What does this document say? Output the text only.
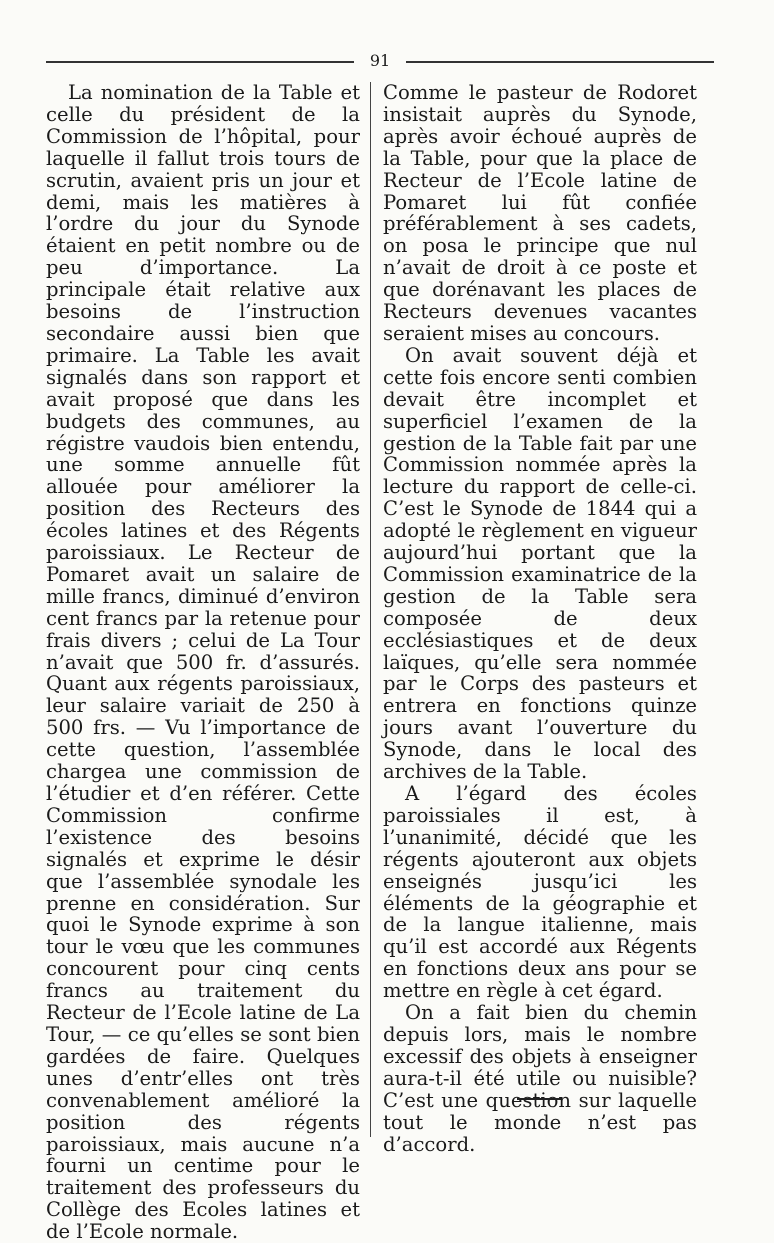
91

La nomination de la Table et celle du président de la Commission de l’hôpital, pour laquelle il fallut trois tours de scrutin, avaient pris un jour et demi, mais les matières à l’ordre du jour du Synode étaient en petit nombre ou de peu d’importance. La principale était relative aux besoins de l’instruction secondaire aussi bien que primaire. La Table les avait signalés dans son rapport et avait proposé que dans les budgets des communes, au régistre vaudois bien entendu, une somme annuelle fût allouée pour améliorer la position des Recteurs des écoles latines et des Régents paroissiaux. Le Recteur de Pomaret avait un salaire de mille francs, diminué d’environ cent francs par la retenue pour frais divers ; celui de La Tour n’avait que 500 fr. d’assurés. Quant aux régents paroissiaux, leur salaire variait de 250 à 500 frs. — Vu l’importance de cette question, l’assemblée chargea une commission de l’étudier et d’en référer. Cette Commission confirme l’existence des besoins signalés et exprime le désir que l’assemblée synodale les prenne en considération. Sur quoi le Synode exprime à son tour le vœu que les communes concourent pour cinq cents francs au traitement du Recteur de l’Ecole latine de La Tour, — ce qu’elles se sont bien gardées de faire. Quelques unes d’entr’elles ont très convenablement amélioré la position des régents paroissiaux, mais aucune n’a fourni un centime pour le traitement des professeurs du Collège des Ecoles latines et de l’Ecole normale.

Comme le pasteur de Rodoret insistait auprès du Synode, après avoir échoué auprès de la Table, pour que la place de Recteur de l’Ecole latine de Pomaret lui fût confiée préférablement à ses cadets, on posa le principe que nul n’avait de droit à ce poste et que dorénavant les places de Recteurs devenues vacantes seraient mises au concours.

On avait souvent déjà et cette fois encore senti combien devait être incomplet et superficiel l’examen de la gestion de la Table fait par une Commission nommée après la lecture du rapport de celle-ci. C’est le Synode de 1844 qui a adopté le règlement en vigueur aujourd’hui portant que la Commission examinatrice de la gestion de la Table sera composée de deux ecclésiastiques et de deux laïques, qu’elle sera nommée par le Corps des pasteurs et entrera en fonctions quinze jours avant l’ouverture du Synode, dans le local des archives de la Table.

A l’égard des écoles paroissiales il est, à l’unanimité, décidé que les régents ajouteront aux objets enseignés jusqu’ici les éléments de la géographie et de la langue italienne, mais qu’il est accordé aux Régents en fonctions deux ans pour se mettre en règle à cet égard.

On a fait bien du chemin depuis lors, mais le nombre excessif des objets à enseigner aura-t-il été utile ou nuisible? C’est une question sur laquelle tout le monde n’est pas d’accord.
